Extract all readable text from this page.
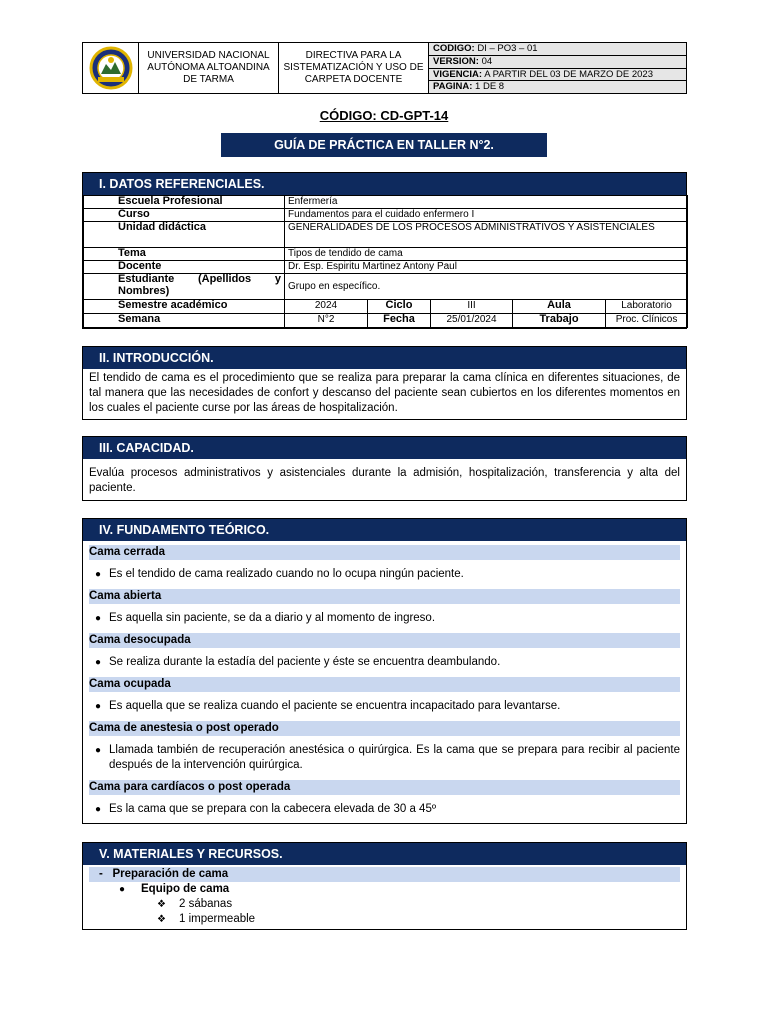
UNIVERSIDAD NACIONAL AUTÓNOMA ALTOANDINA DE TARMA
DIRECTIVA PARA LA SISTEMATIZACIÓN Y USO DE CARPETA DOCENTE
CODIGO: DI – PO3 – 01
VERSION: 04
VIGENCIA: A PARTIR DEL 03 DE MARZO DE 2023
PAGINA: 1 DE 8
CÓDIGO: CD-GPT-14
GUÍA DE PRÁCTICA EN TALLER N°2.
I. DATOS REFERENCIALES.
Escuela Profesional	Enfermería				
Curso	Fundamentos para el cuidado enfermero I				
Unidad didáctica	GENERALIDADES DE LOS PROCESOS ADMINISTRATIVOS Y ASISTENCIALES				
Tema	Tipos de tendido de cama				
Docente	Dr. Esp. Espiritu Martinez Antony Paul				
Estudiante (Apellidos y Nombres)	Grupo en específico.				
Semestre académico	2024	Ciclo	III	Aula	Laboratorio
Semana	N°2	Fecha	25/01/2024	Trabajo	Proc. Clínicos
II. INTRODUCCIÓN.
El tendido de cama es el procedimiento que se realiza para preparar la cama clínica en diferentes situaciones, de tal manera que las necesidades de confort y descanso del paciente sean cubiertos en los diferentes momentos en los cuales el paciente curse por las áreas de hospitalización.
III. CAPACIDAD.
Evalúa procesos administrativos y asistenciales durante la admisión, hospitalización, transferencia y alta del paciente.
IV. FUNDAMENTO TEÓRICO.
Cama cerrada
● Es el tendido de cama realizado cuando no lo ocupa ningún paciente.
Cama abierta
● Es aquella sin paciente, se da a diario y al momento de ingreso.
Cama desocupada
● Se realiza durante la estadía del paciente y éste se encuentra deambulando.
Cama ocupada
● Es aquella que se realiza cuando el paciente se encuentra incapacitado para levantarse.
Cama de anestesia o post operado
● Llamada también de recuperación anestésica o quirúrgica. Es la cama que se prepara para recibir al paciente después de la intervención quirúrgica.
Cama para cardíacos o post operada
● Es la cama que se prepara con la cabecera elevada de 30 a 45º
V. MATERIALES Y RECURSOS.
- Preparación de cama
●	Equipo de cama
❖	2 sábanas
❖	1 impermeable
